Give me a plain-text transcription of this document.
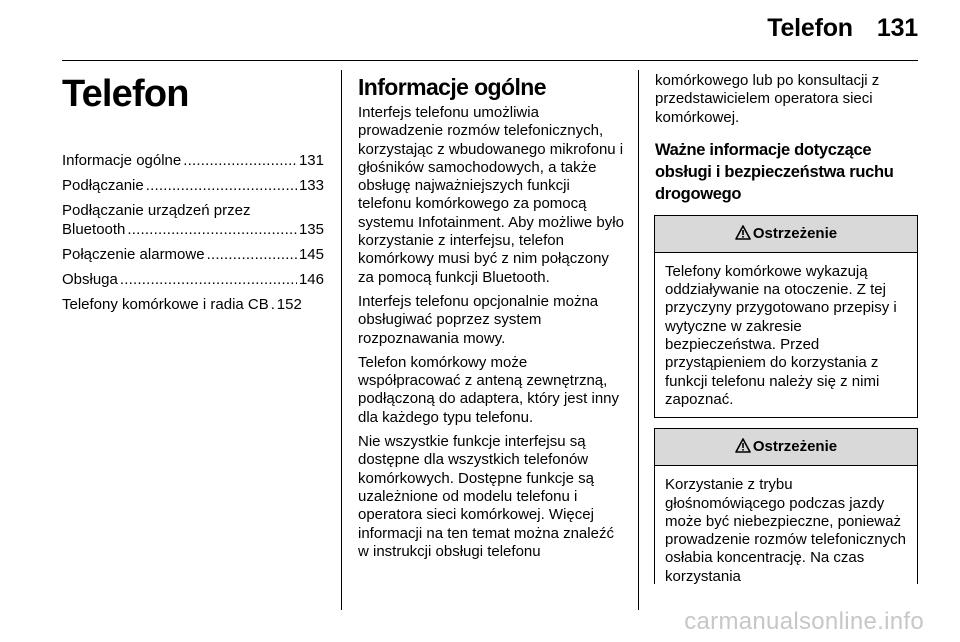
Telefon 131
Telefon
Informacje ogólne .....	131
Podłączanie .....	133
Podłączanie urządzeń przez
Bluetooth .....	135
Połączenie alarmowe .....	145
Obsługa .....	146
Telefony komórkowe i radia CB ..... 152
Informacje ogólne

Interfejs telefonu umożliwia prowadzenie rozmów telefonicznych, korzystając z wbudowanego mikrofonu i głośników samochodowych, a także obsługę najważniejszych funkcji telefonu komórkowego za pomocą systemu Infotainment. Aby możliwe było korzystanie z interfejsu, telefon komórkowy musi być z nim połączony za pomocą funkcji Bluetooth.

Interfejs telefonu opcjonalnie można obsługiwać poprzez system rozpoznawania mowy.

Telefon komórkowy może współpracować z anteną zewnętrzną, podłączoną do adaptera, który jest inny dla każdego typu telefonu.

Nie wszystkie funkcje interfejsu są dostępne dla wszystkich telefonów komórkowych. Dostępne funkcje są uzależnione od modelu telefonu i operatora sieci komórkowej. Więcej informacji na ten temat można znaleźć w instrukcji obsługi telefonu

komórkowego lub po konsultacji z przedstawicielem operatora sieci komórkowej.

Ważne informacje dotyczące obsługi i bezpieczeństwa ruchu drogowego
Ostrzeżenie
Telefony komórkowe wykazują oddziaływanie na otoczenie. Z tej przyczyny przygotowano przepisy i wytyczne w zakresie bezpieczeństwa. Przed przystąpieniem do korzystania z funkcji telefonu należy się z nimi zapoznać.
Ostrzeżenie
Korzystanie z trybu głośnomówiącego podczas jazdy może być niebezpieczne, ponieważ prowadzenie rozmów telefonicznych osłabia koncentrację. Na czas korzystania
carmanualsonline.info
